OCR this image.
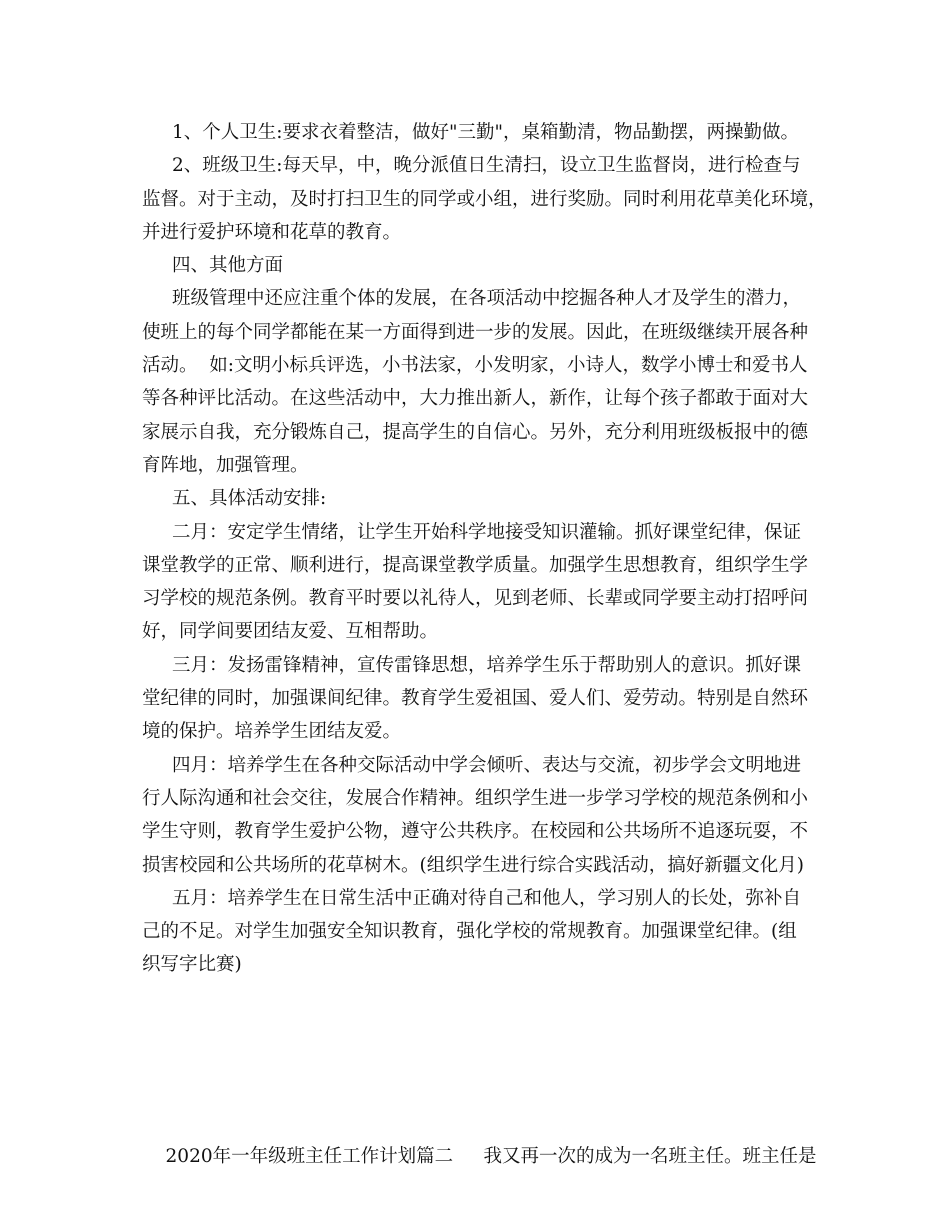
1、个人卫生:要求衣着整洁，做好"三勤"，桌箱勤清，物品勤摆，两操勤做。
2、班级卫生:每天早，中，晚分派值日生清扫，设立卫生监督岗，进行检查与
监督。对于主动，及时打扫卫生的同学或小组，进行奖励。同时利用花草美化环境，
并进行爱护环境和花草的教育。
四、其他方面
班级管理中还应注重个体的发展，在各项活动中挖掘各种人才及学生的潜力，
使班上的每个同学都能在某一方面得到进一步的发展。因此，在班级继续开展各种
活动。  如:文明小标兵评选，小书法家，小发明家，小诗人，数学小博士和爱书人
等各种评比活动。在这些活动中，大力推出新人，新作，让每个孩子都敢于面对大
家展示自我，充分锻炼自己，提高学生的自信心。另外，充分利用班级板报中的德
育阵地，加强管理。
五、具体活动安排:
二月：安定学生情绪，让学生开始科学地接受知识灌输。抓好课堂纪律，保证
课堂教学的正常、顺利进行，提高课堂教学质量。加强学生思想教育，组织学生学
习学校的规范条例。教育平时要以礼待人，见到老师、长辈或同学要主动打招呼问
好，同学间要团结友爱、互相帮助。
三月：发扬雷锋精神，宣传雷锋思想，培养学生乐于帮助别人的意识。抓好课
堂纪律的同时，加强课间纪律。教育学生爱祖国、爱人们、爱劳动。特别是自然环
境的保护。培养学生团结友爱。
四月：培养学生在各种交际活动中学会倾听、表达与交流，初步学会文明地进
行人际沟通和社会交往，发展合作精神。组织学生进一步学习学校的规范条例和小
学生守则，教育学生爱护公物，遵守公共秩序。在校园和公共场所不追逐玩耍，不
损害校园和公共场所的花草树木。(组织学生进行综合实践活动，搞好新疆文化月)
五月：培养学生在日常生活中正确对待自己和他人，学习别人的长处，弥补自
己的不足。对学生加强安全知识教育，强化学校的常规教育。加强课堂纪律。(组
织写字比赛)

2020年一年级班主任工作计划篇二 我又再一次的成为一名班主任。班主任是
